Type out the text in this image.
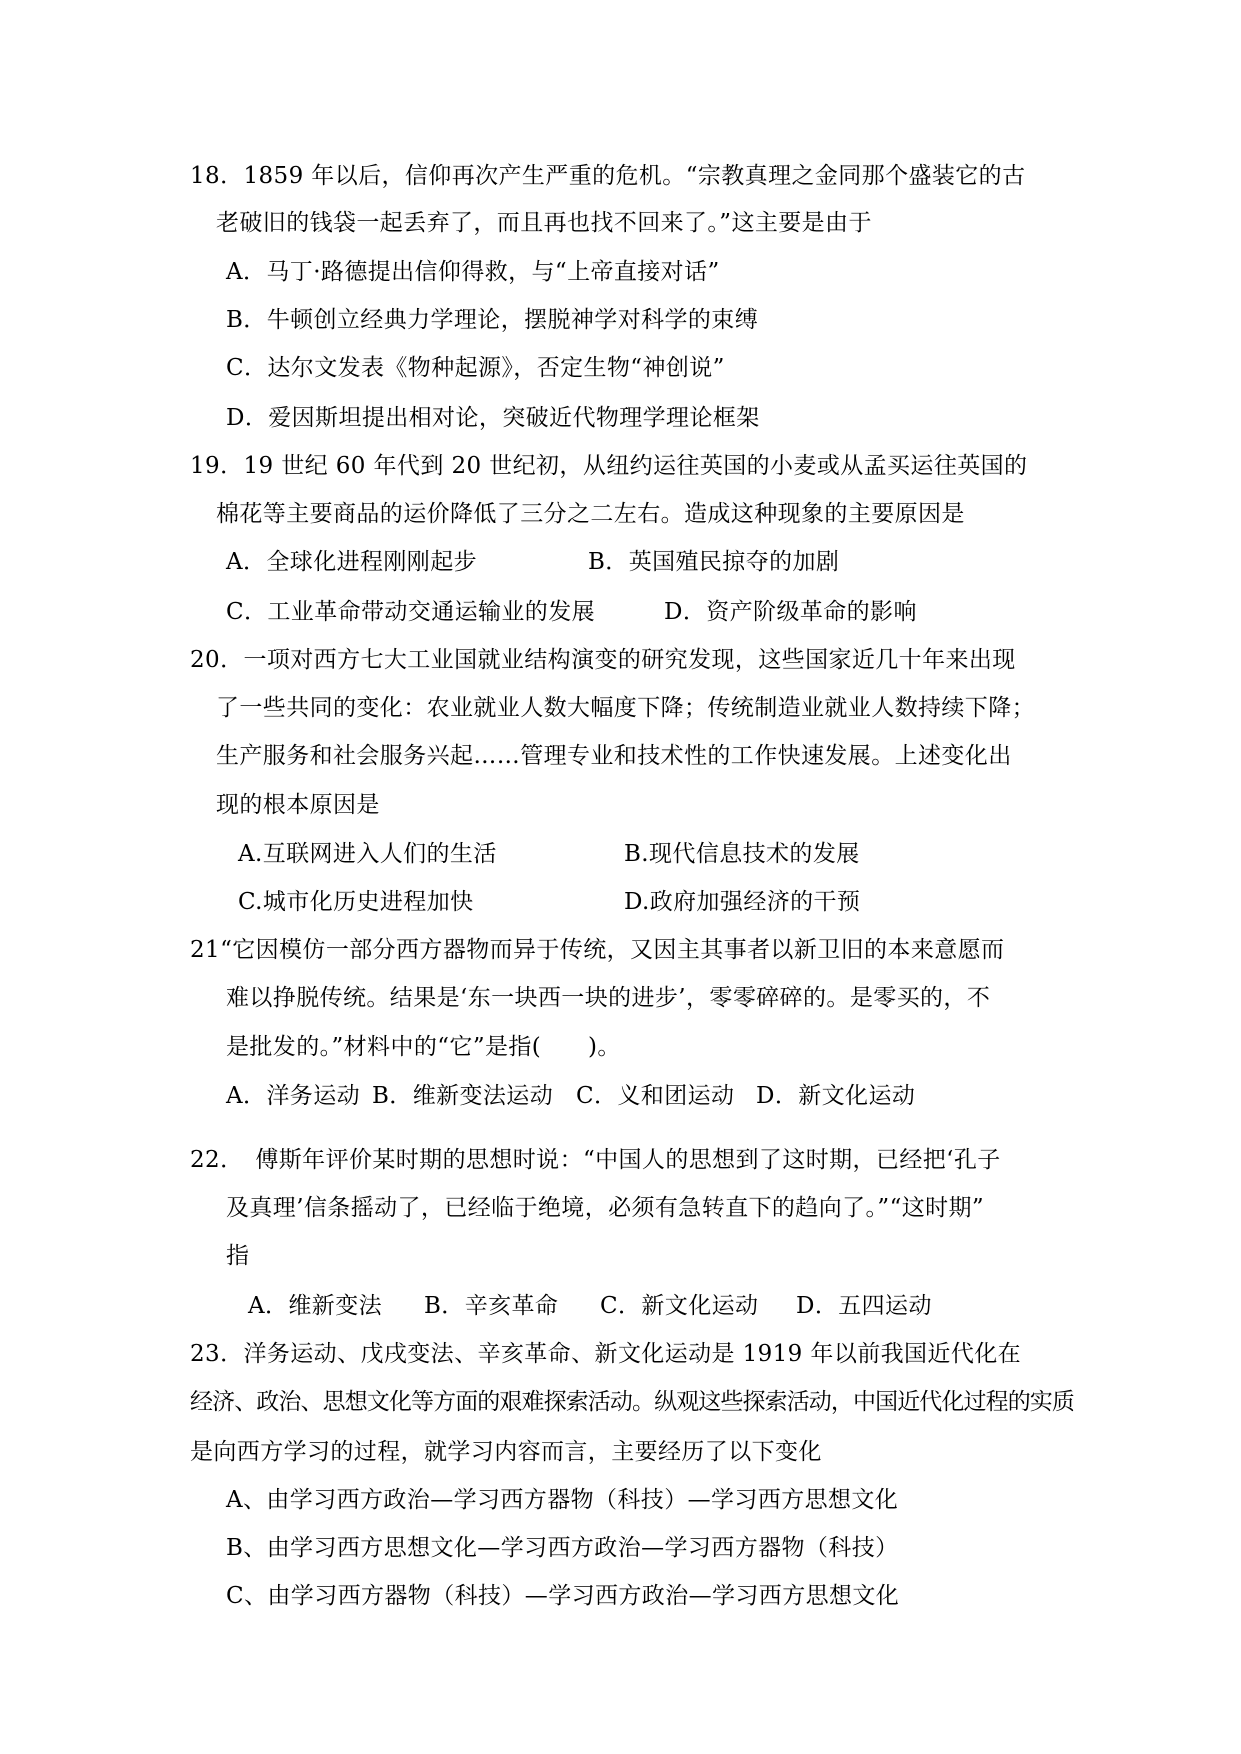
18．1859 年以后，信仰再次产生严重的危机。“宗教真理之金同那个盛装它的古
老破旧的钱袋一起丢弃了，而且再也找不回来了。”这主要是由于
A．马丁·路德提出信仰得救，与“上帝直接对话”
B．牛顿创立经典力学理论，摆脱神学对科学的束缚
C．达尔文发表《物种起源》，否定生物“神创说”
D．爱因斯坦提出相对论，突破近代物理学理论框架
19．19 世纪 60 年代到 20 世纪初，从纽约运往英国的小麦或从孟买运往英国的
棉花等主要商品的运价降低了三分之二左右。造成这种现象的主要原因是
A．全球化进程刚刚起步	B．英国殖民掠夺的加剧
C．工业革命带动交通运输业的发展	D．资产阶级革命的影响
20．一项对西方七大工业国就业结构演变的研究发现，这些国家近几十年来出现
了一些共同的变化：农业就业人数大幅度下降；传统制造业就业人数持续下降；
生产服务和社会服务兴起……管理专业和技术性的工作快速发展。上述变化出
现的根本原因是
A.互联网进入人们的生活	B.现代信息技术的发展
C.城市化历史进程加快	D.政府加强经济的干预
21“它因模仿一部分西方器物而异于传统，又因主其事者以新卫旧的本来意愿而
难以挣脱传统。结果是‘东一块西一块的进步’，零零碎碎的。是零买的，不
是批发的。”材料中的“它”是指(　　)。
A．洋务运动 B．维新变法运动 C．义和团运动 D．新文化运动
22．　傅斯年评价某时期的思想时说：“中国人的思想到了这时期，已经把‘孔子
及真理’信条摇动了，已经临于绝境，必须有急转直下的趋向了。”“这时期”
指
A．维新变法 B．辛亥革命 C．新文化运动 D．五四运动
23．洋务运动、戊戌变法、辛亥革命、新文化运动是 1919 年以前我国近代化在
经济、政治、思想文化等方面的艰难探索活动。纵观这些探索活动，中国近代化过程的实质
是向西方学习的过程，就学习内容而言，主要经历了以下变化
A、由学习西方政治—学习西方器物（科技）—学习西方思想文化
B、由学习西方思想文化—学习西方政治—学习西方器物（科技）
C、由学习西方器物（科技）—学习西方政治—学习西方思想文化
